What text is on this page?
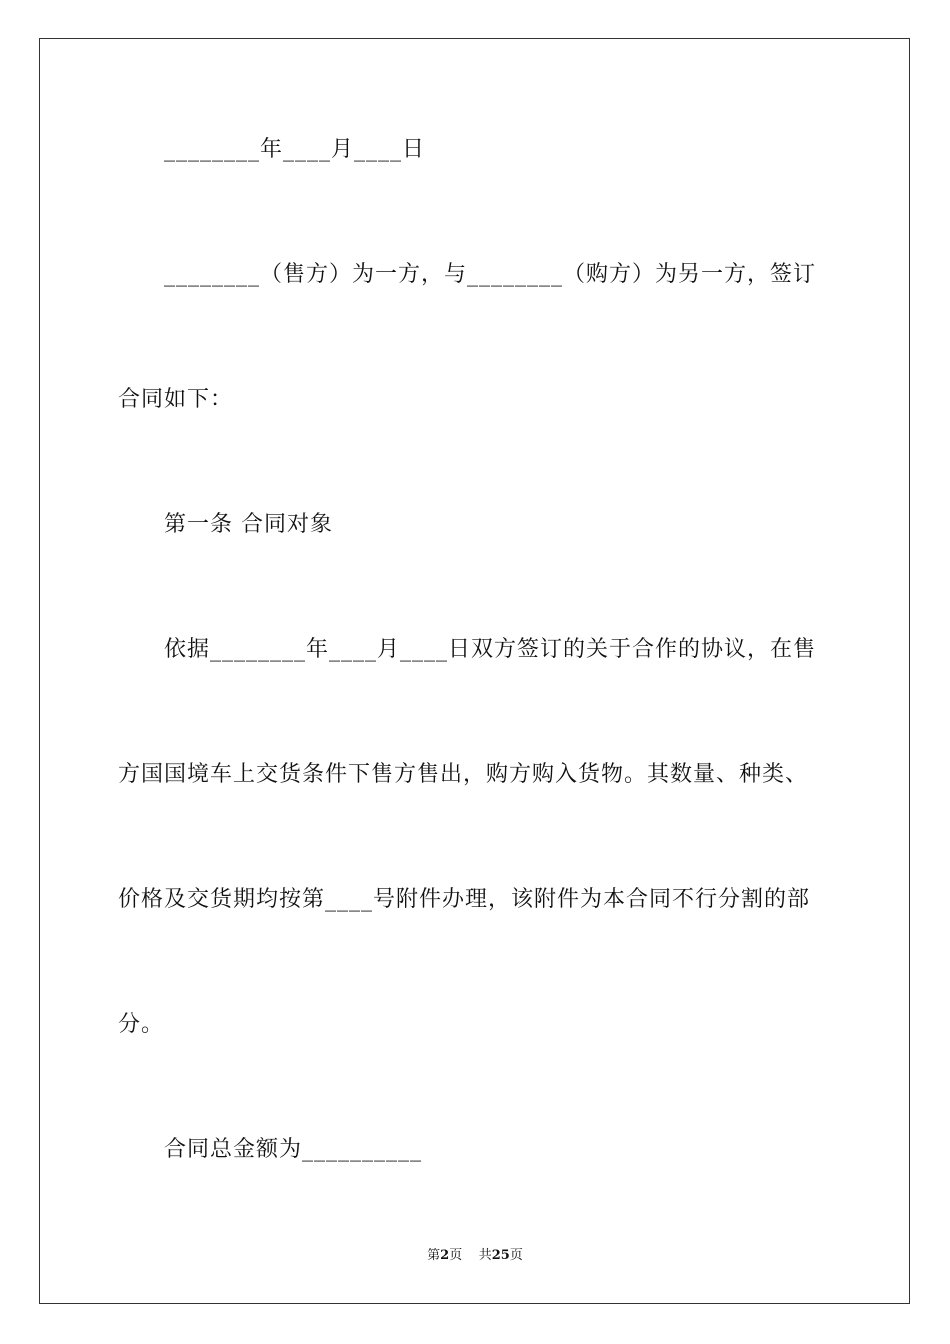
　　________年____月____日
　　________（售方）为一方，与________（购方）为另一方，签订
合同如下：
　　第一条 合同对象
　　依据________年____月____日双方签订的关于合作的协议，在售
方国国境车上交货条件下售方售出，购方购入货物。其数量、种类、
价格及交货期均按第____号附件办理，该附件为本合同不行分割的部
分。
　　合同总金额为__________
第2页 共25页
